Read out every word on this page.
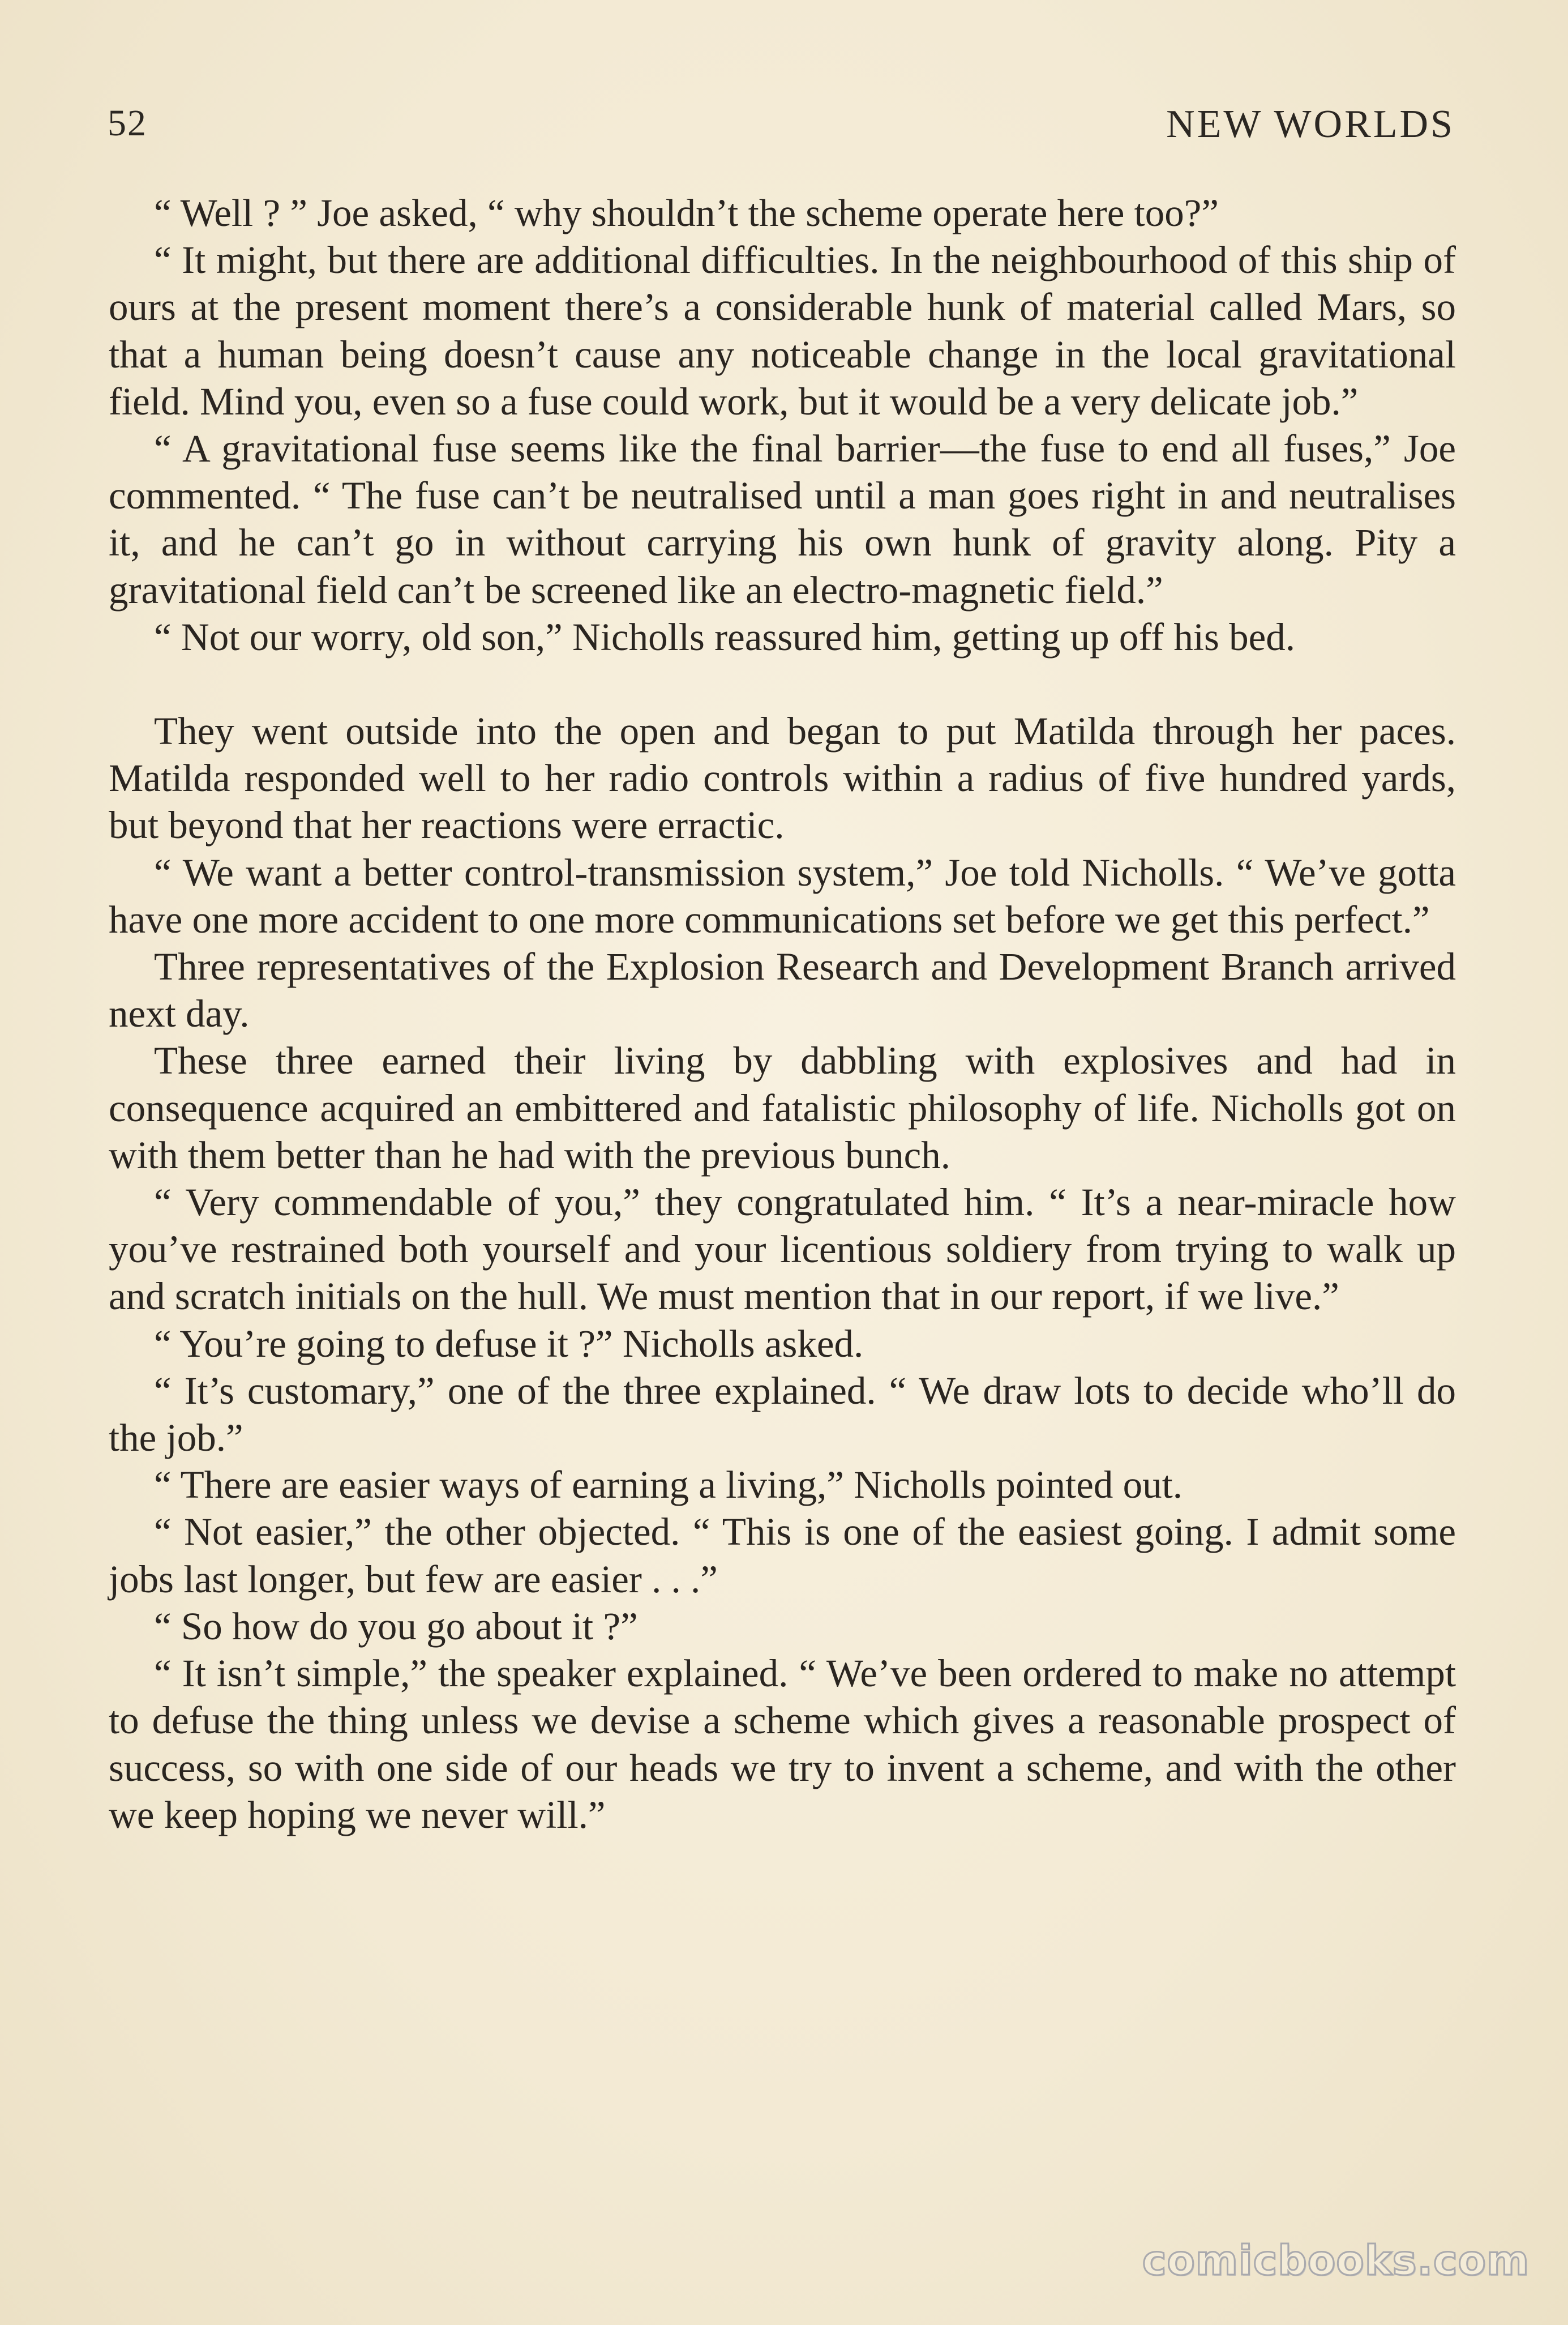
52	NEW WORLDS

“ Well ? ” Joe asked, “ why shouldn’t the scheme operate here too?”

“ It might, but there are additional difficulties. In the neighbourhood of this ship of ours at the present moment there’s a considerable hunk of material called Mars, so that a human being doesn’t cause any noticeable change in the local gravitational field. Mind you, even so a fuse could work, but it would be a very delicate job.”

“ A gravitational fuse seems like the final barrier—the fuse to end all fuses,” Joe commented. “ The fuse can’t be neutralised until a man goes right in and neutralises it, and he can’t go in without carrying his own hunk of gravity along. Pity a gravitational field can’t be screened like an electro-magnetic field.”

“ Not our worry, old son,” Nicholls reassured him, getting up off his bed.

They went outside into the open and began to put Matilda through her paces. Matilda responded well to her radio controls within a radius of five hundred yards, but beyond that her reactions were erractic.

“ We want a better control-transmission system,” Joe told Nicholls. “ We’ve gotta have one more accident to one more communications set before we get this perfect.”

Three representatives of the Explosion Research and Development Branch arrived next day.

These three earned their living by dabbling with explosives and had in consequence acquired an embittered and fatalistic philosophy of life. Nicholls got on with them better than he had with the previous bunch.

“ Very commendable of you,” they congratulated him. “ It’s a near-miracle how you’ve restrained both yourself and your licentious soldiery from trying to walk up and scratch initials on the hull. We must mention that in our report, if we live.”

“ You’re going to defuse it ?” Nicholls asked.

“ It’s customary,” one of the three explained. “ We draw lots to decide who’ll do the job.”

“ There are easier ways of earning a living,” Nicholls pointed out.

“ Not easier,” the other objected. “ This is one of the easiest going. I admit some jobs last longer, but few are easier . . .”

“ So how do you go about it ?”

“ It isn’t simple,” the speaker explained. “ We’ve been ordered to make no attempt to defuse the thing unless we devise a scheme which gives a reasonable prospect of success, so with one side of our heads we try to invent a scheme, and with the other we keep hoping we never will.”

comicbooks.com
